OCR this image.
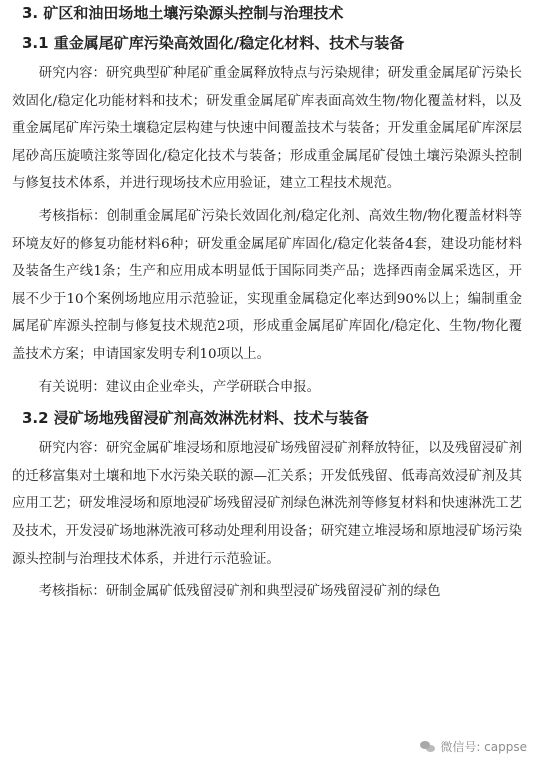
3. 矿区和油田场地土壤污染源头控制与治理技术
3.1 重金属尾矿库污染高效固化/稳定化材料、技术与装备

研究内容：研究典型矿种尾矿重金属释放特点与污染规律；研发重金属尾矿污染长效固化/稳定化功能材料和技术；研发重金属尾矿库表面高效生物/物化覆盖材料，以及重金属尾矿库污染土壤稳定层构建与快速中间覆盖技术与装备；开发重金属尾矿库深层尾砂高压旋喷注浆等固化/稳定化技术与装备；形成重金属尾矿侵蚀土壤污染源头控制与修复技术体系，并进行现场技术应用验证，建立工程技术规范。

考核指标：创制重金属尾矿污染长效固化剂/稳定化剂、高效生物/物化覆盖材料等环境友好的修复功能材料6种；研发重金属尾矿库固化/稳定化装备4套，建设功能材料及装备生产线1条；生产和应用成本明显低于国际同类产品；选择西南金属采选区，开展不少于10个案例场地应用示范验证，实现重金属稳定化率达到90%以上；编制重金属尾矿库源头控制与修复技术规范2项，形成重金属尾矿库固化/稳定化、生物/物化覆盖技术方案；申请国家发明专利10项以上。

有关说明：建议由企业牵头，产学研联合申报。

3.2 浸矿场地残留浸矿剂高效淋洗材料、技术与装备

研究内容：研究金属矿堆浸场和原地浸矿场残留浸矿剂释放特征，以及残留浸矿剂的迁移富集对土壤和地下水污染关联的源—汇关系；开发低残留、低毒高效浸矿剂及其应用工艺；研发堆浸场和原地浸矿场残留浸矿剂绿色淋洗剂等修复材料和快速淋洗工艺及技术，开发浸矿场地淋洗液可移动处理利用设备；研究建立堆浸场和原地浸矿场污染源头控制与治理技术体系，并进行示范验证。

考核指标：研制金属矿低残留浸矿剂和典型浸矿场残留浸矿剂的绿色

微信号: cappse
